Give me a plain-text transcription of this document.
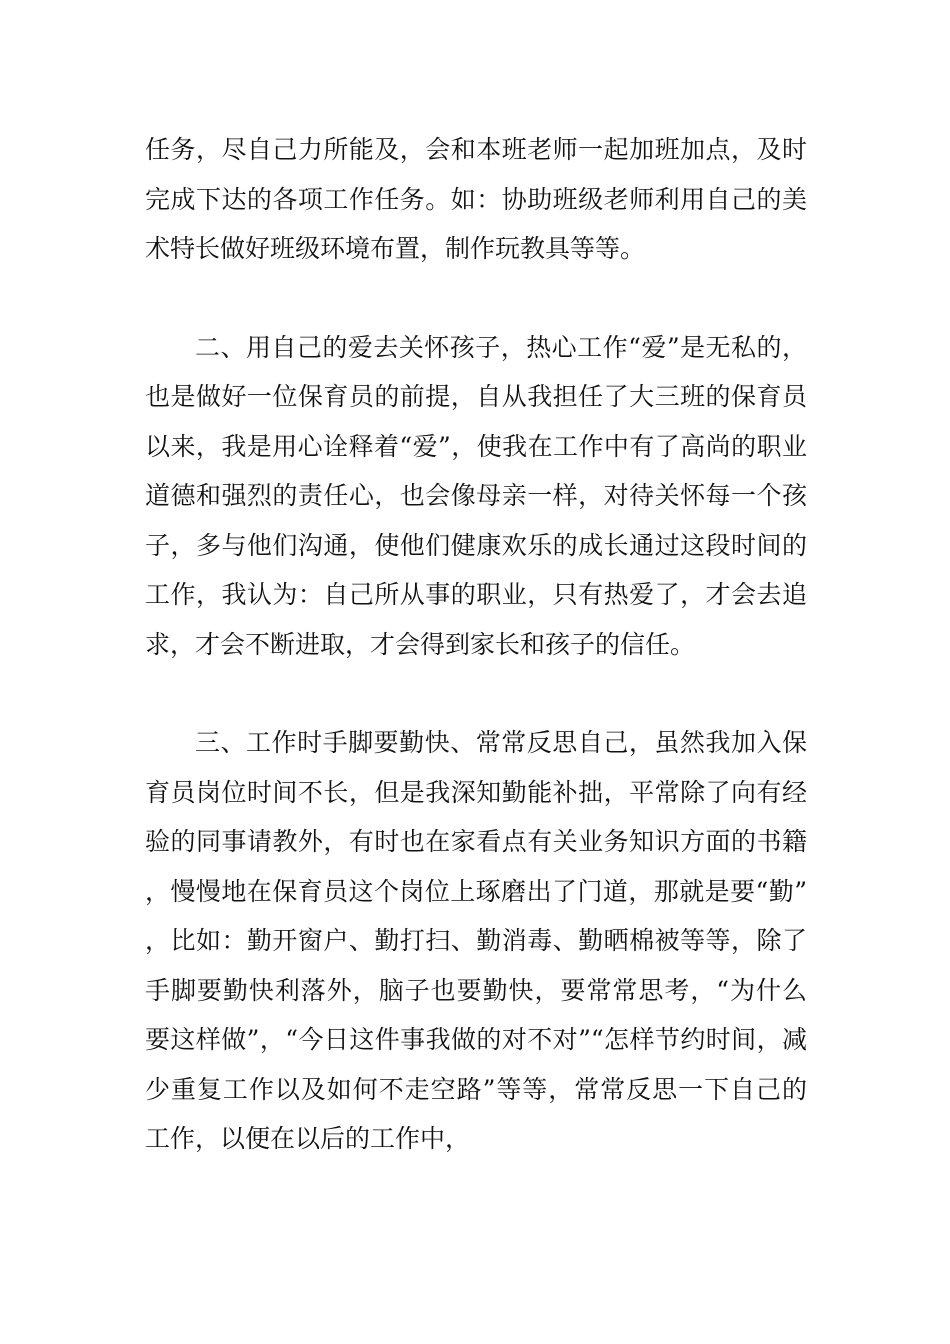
任务，尽自己力所能及，会和本班老师一起加班加点，及时完成下达的各项工作任务。如：协助班级老师利用自己的美术特长做好班级环境布置，制作玩教具等等。

二、用自己的爱去关怀孩子，热心工作“爱”是无私的，也是做好一位保育员的前提，自从我担任了大三班的保育员以来，我是用心诠释着“爱”，使我在工作中有了高尚的职业道德和强烈的责任心，也会像母亲一样，对待关怀每一个孩子，多与他们沟通，使他们健康欢乐的成长通过这段时间的工作，我认为：自己所从事的职业，只有热爱了，才会去追求，才会不断进取，才会得到家长和孩子的信任。

三、工作时手脚要勤快、常常反思自己，虽然我加入保育员岗位时间不长，但是我深知勤能补拙，平常除了向有经验的同事请教外，有时也在家看点有关业务知识方面的书籍，慢慢地在保育员这个岗位上琢磨出了门道，那就是要“勤”，比如：勤开窗户、勤打扫、勤消毒、勤晒棉被等等，除了手脚要勤快利落外，脑子也要勤快，要常常思考，“为什么要这样做”，“今日这件事我做的对不对”“怎样节约时间，减少重复工作以及如何不走空路”等等，常常反思一下自己的工作，以便在以后的工作中，
